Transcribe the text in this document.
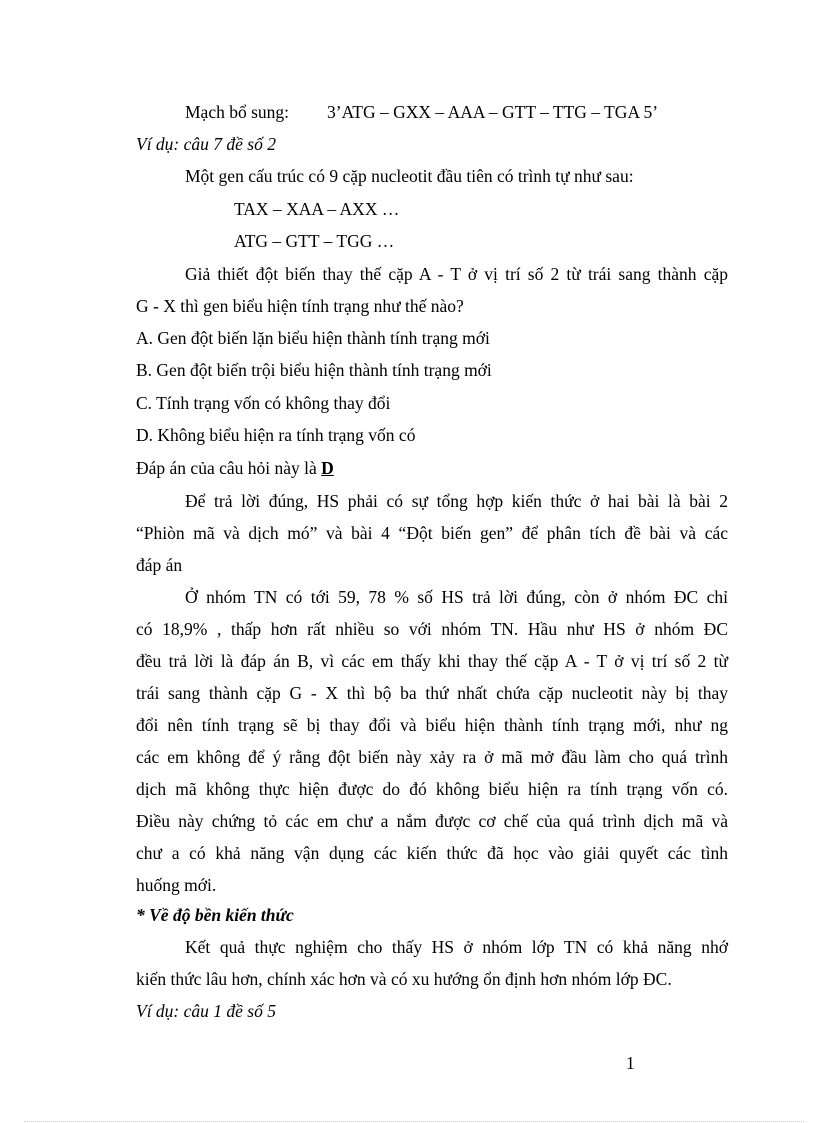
Mạch bổ sung: 3’ATG – GXX – AAA – GTT – TTG – TGA 5’
Ví dụ: câu 7 đề số 2
Một gen cấu trúc có 9 cặp nucleotit đầu tiên có trình tự như sau:
TAX – XAA – AXX …
ATG – GTT – TGG …
Giả thiết đột biến thay thế cặp A - T ở vị trí số 2 từ trái sang thành cặp
G - X thì gen biểu hiện tính trạng như thế nào?
A. Gen đột biến lặn biểu hiện thành tính trạng mới
B. Gen đột biến trội biểu hiện thành tính trạng mới
C. Tính trạng vốn có không thay đổi
D. Không biểu hiện ra tính trạng vốn có
Đáp án của câu hỏi này là D
Để trả lời đúng, HS phải có sự tổng hợp kiến thức ở hai bài là bài 2
“Phiòn mã và dịch mó” và bài 4 “Đột biến gen” để phân tích đề bài và các
đáp án
Ở nhóm TN có tới 59, 78 % số HS trả lời đúng, còn ở nhóm ĐC chỉ
có 18,9% , thấp hơn rất nhiều so với nhóm TN. Hầu như HS ở nhóm ĐC
đều trả lời là đáp án B, vì các em thấy khi thay thế cặp A - T ở vị trí số 2 từ
trái sang thành cặp G - X thì bộ ba thứ nhất chứa cặp nucleotit này bị thay
đổi nên tính trạng sẽ bị thay đổi và biểu hiện thành tính trạng mới, như ng
các em không để ý rằng đột biến này xảy ra ở mã mở đầu làm cho quá trình
dịch mã không thực hiện được do đó không biểu hiện ra tính trạng vốn có.
Điều này chứng tỏ các em chư a nắm được cơ chế của quá trình dịch mã và
chư a có khả năng vận dụng các kiến thức đã học vào giải quyết các tình
huống mới.
* Về độ bền kiến thức
Kết quả thực nghiệm cho thấy HS ở nhóm lớp TN có khả năng nhớ
kiến thức lâu hơn, chính xác hơn và có xu hướng ổn định hơn nhóm lớp ĐC.
Ví dụ: câu 1 đề số 5
1
